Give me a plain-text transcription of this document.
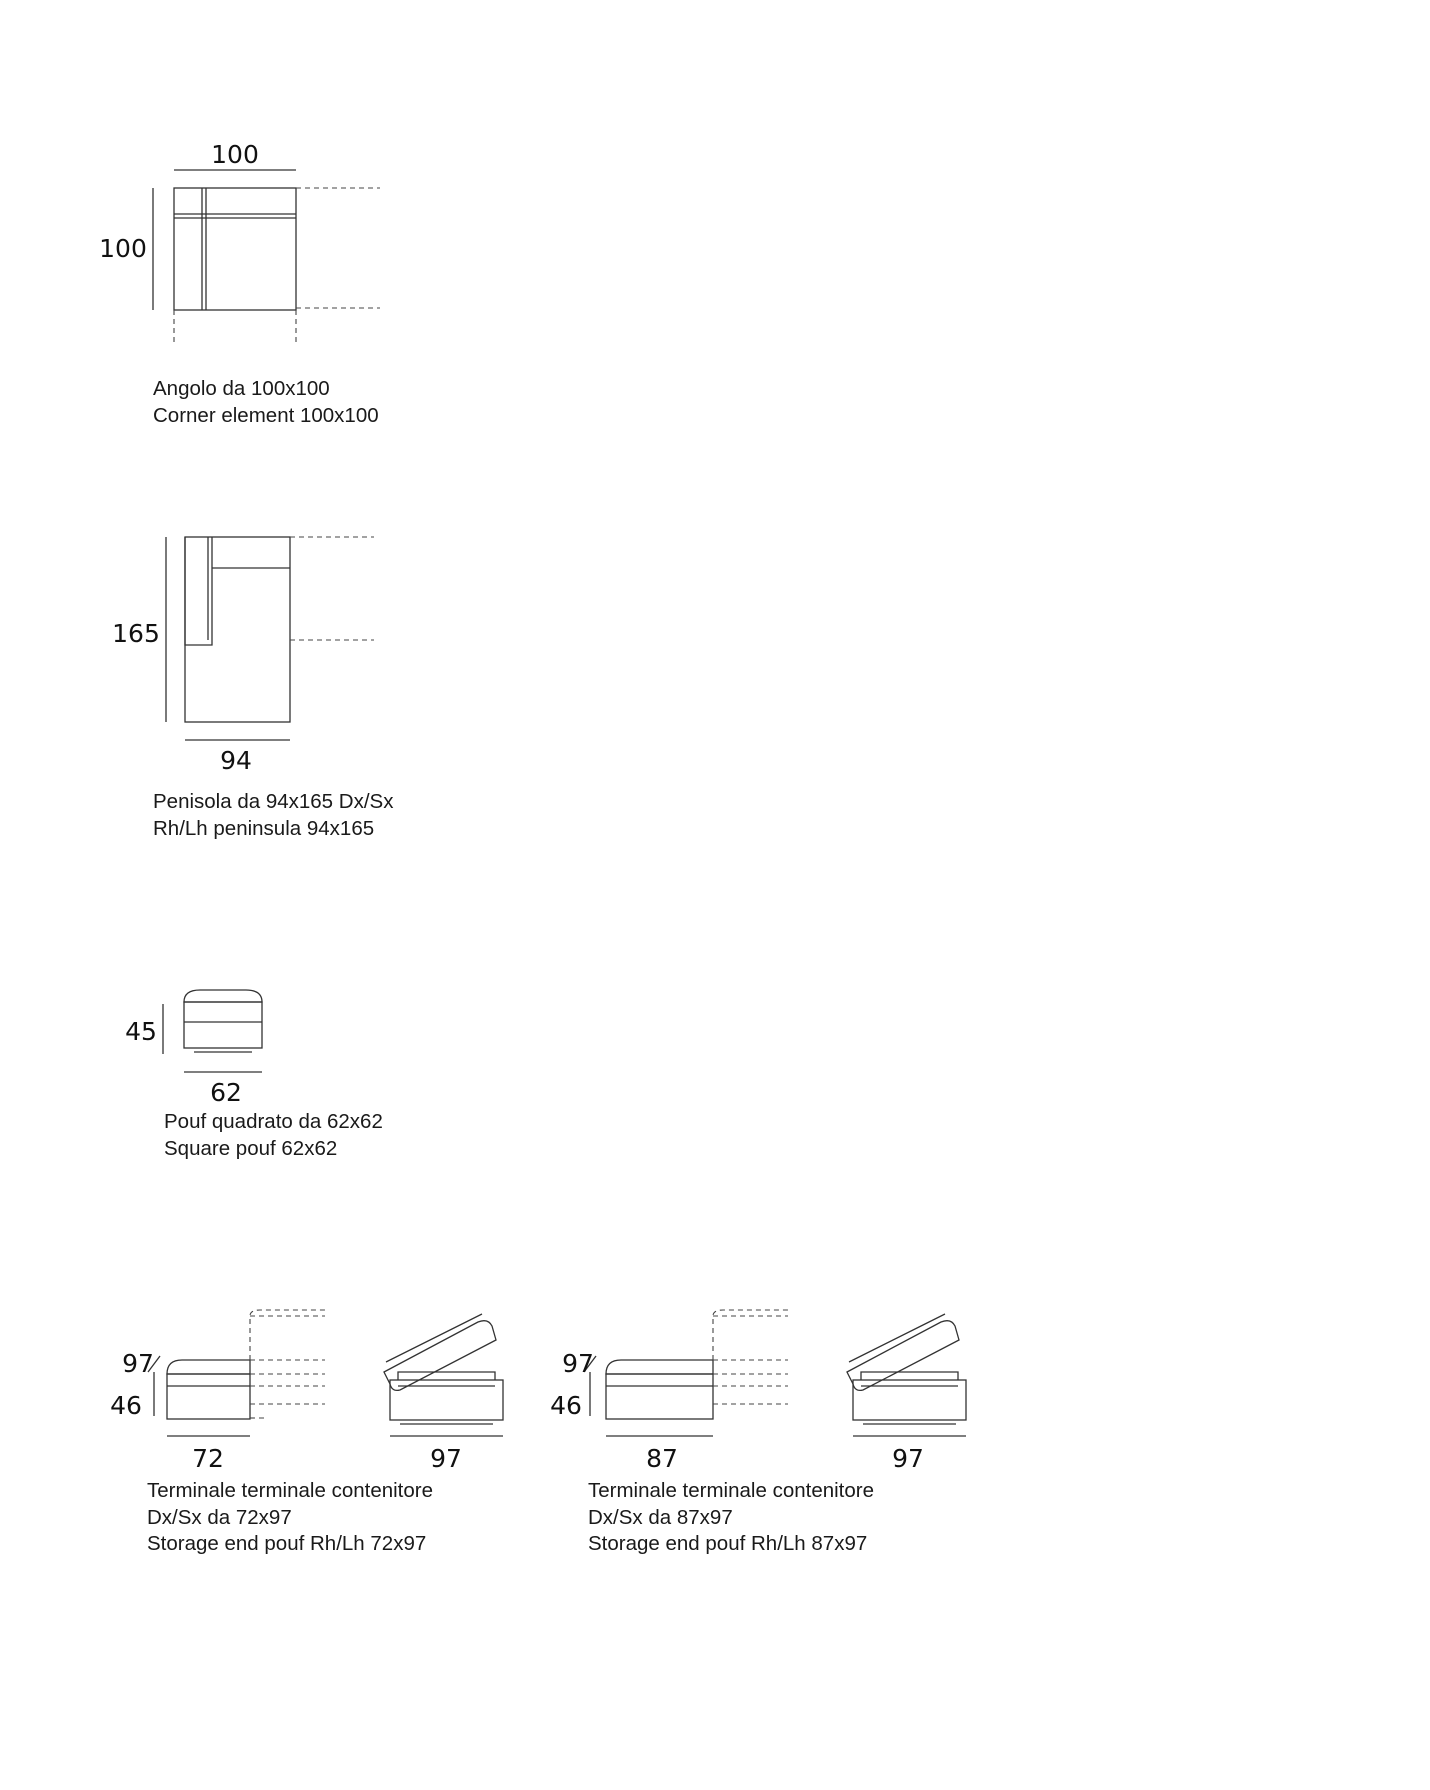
100
100
165
94
45
62
97
46
72	97
97
46
87	97
Angolo da 100x100
Corner element 100x100
Penisola da 94x165 Dx/Sx
Rh/Lh peninsula 94x165
Pouf quadrato da 62x62
Square pouf 62x62
Terminale terminale contenitore
Dx/Sx da 72x97
Storage end pouf Rh/Lh 72x97
Terminale terminale contenitore
Dx/Sx da 87x97
Storage end pouf Rh/Lh 87x97
